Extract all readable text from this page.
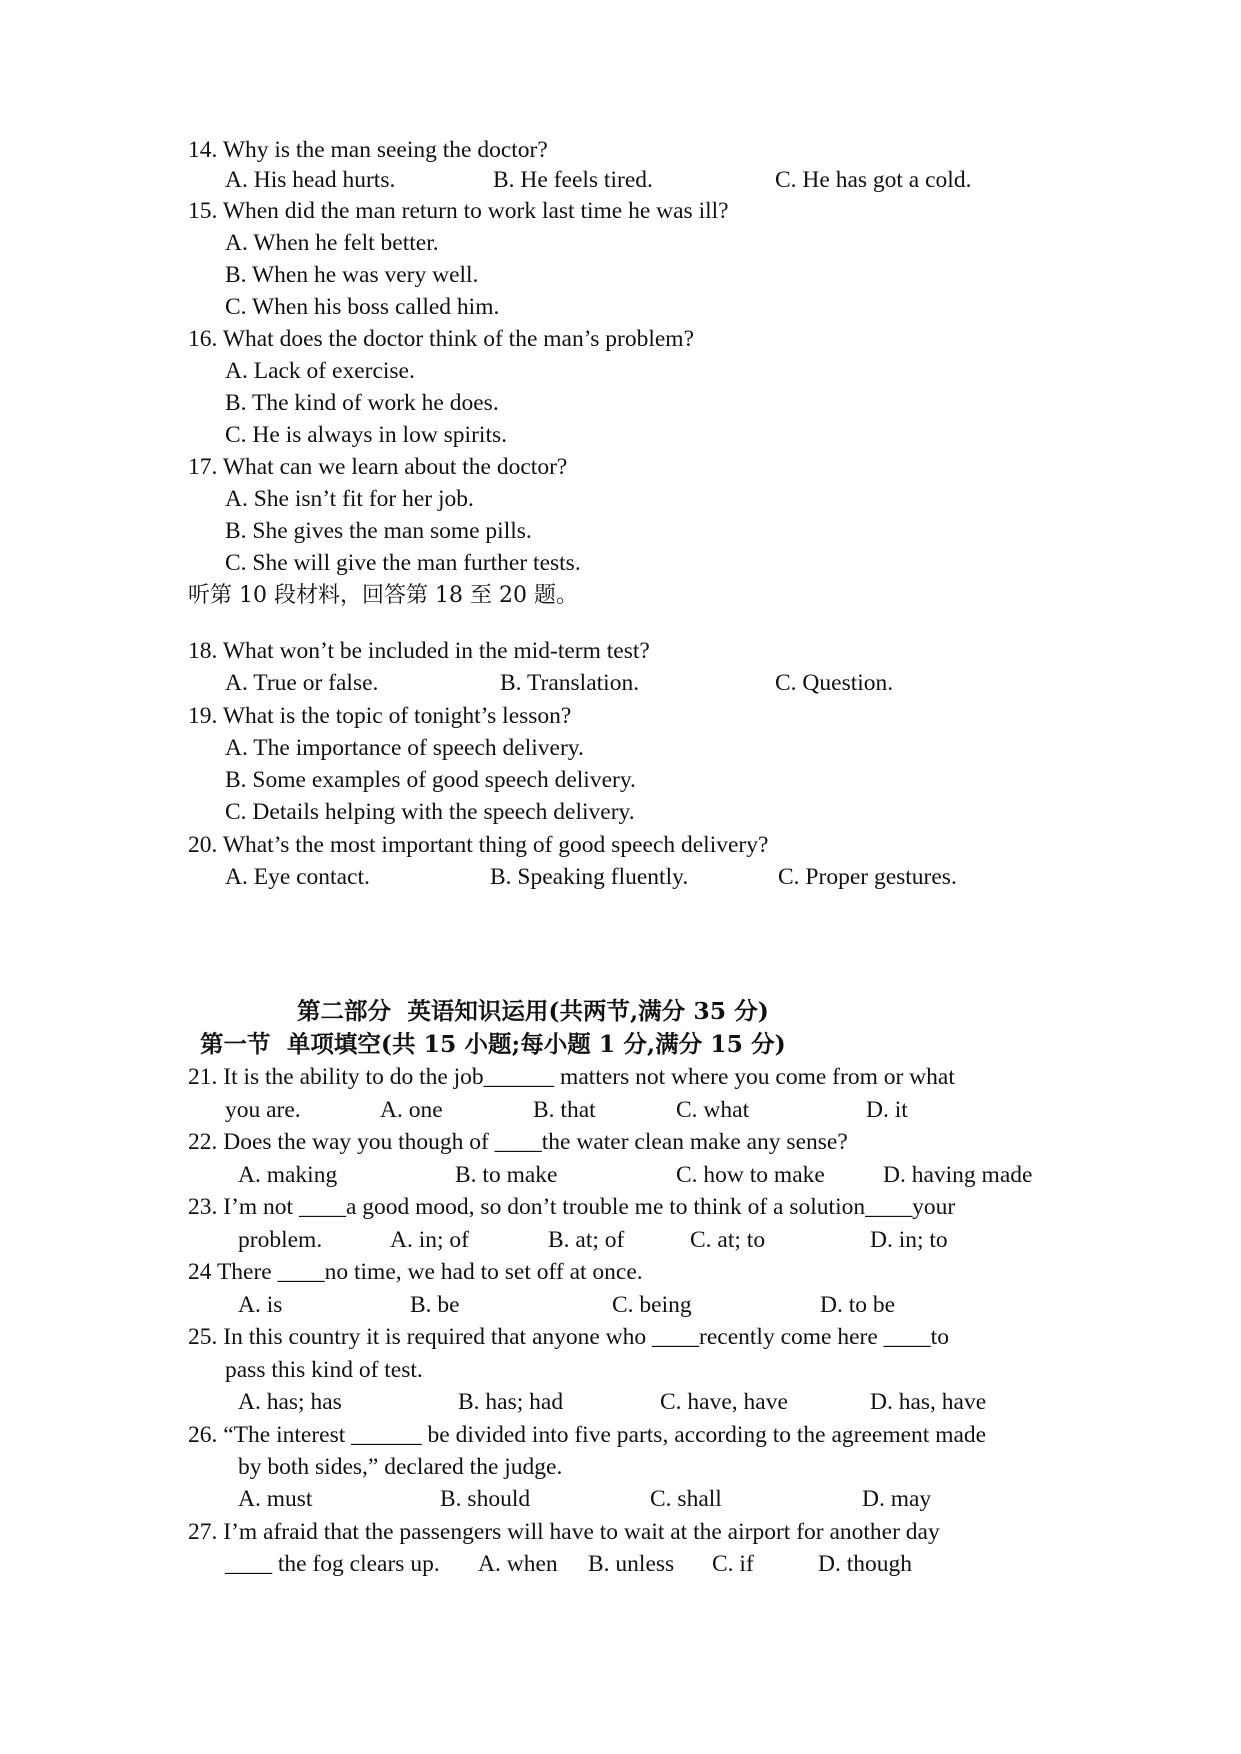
14. Why is the man seeing the doctor?
A. His head hurts.	B. He feels tired.	C. He has got a cold.
15. When did the man return to work last time he was ill?
A. When he felt better.
B. When he was very well.
C. When his boss called him.
16. What does the doctor think of the man’s problem?
A. Lack of exercise.
B. The kind of work he does.
C. He is always in low spirits.
17. What can we learn about the doctor?
A. She isn’t fit for her job.
B. She gives the man some pills.
C. She will give the man further tests.
听第 10 段材料，回答第 18 至 20 题。
18. What won’t be included in the mid-term test?
A. True or false.	B. Translation.	C. Question.
19. What is the topic of tonight’s lesson?
A. The importance of speech delivery.
B. Some examples of good speech delivery.
C. Details helping with the speech delivery.
20. What’s the most important thing of good speech delivery?
A. Eye contact.	B. Speaking fluently.	C. Proper gestures.
第二部分  英语知识运用(共两节,满分 35 分)
第一节  单项填空(共 15 小题;每小题 1 分,满分 15 分)
21. It is the ability to do the job______ matters not where you come from or what
you are.	A. one	B. that	C. what	D. it
22. Does the way you though of ____the water clean make any sense?
A. making	B. to make	C. how to make D. having made
23. I’m not ____a good mood, so don’t trouble me to think of a solution____your
problem.	A. in; of	B. at; of	C. at; to	D. in; to
24 There ____no time, we had to set off at once.
A. is	B. be	C. being	D. to be
25. In this country it is required that anyone who ____recently come here ____to
pass this kind of test.
A. has; has	B. has; had	C. have, have	D. has, have
26. “The interest ______ be divided into five parts, according to the agreement made
by both sides,” declared the judge.
A. must	B. should	C. shall	D. may
27. I’m afraid that the passengers will have to wait at the airport for another day
____ the fog clears up. A. when B. unless C. if	D. though
